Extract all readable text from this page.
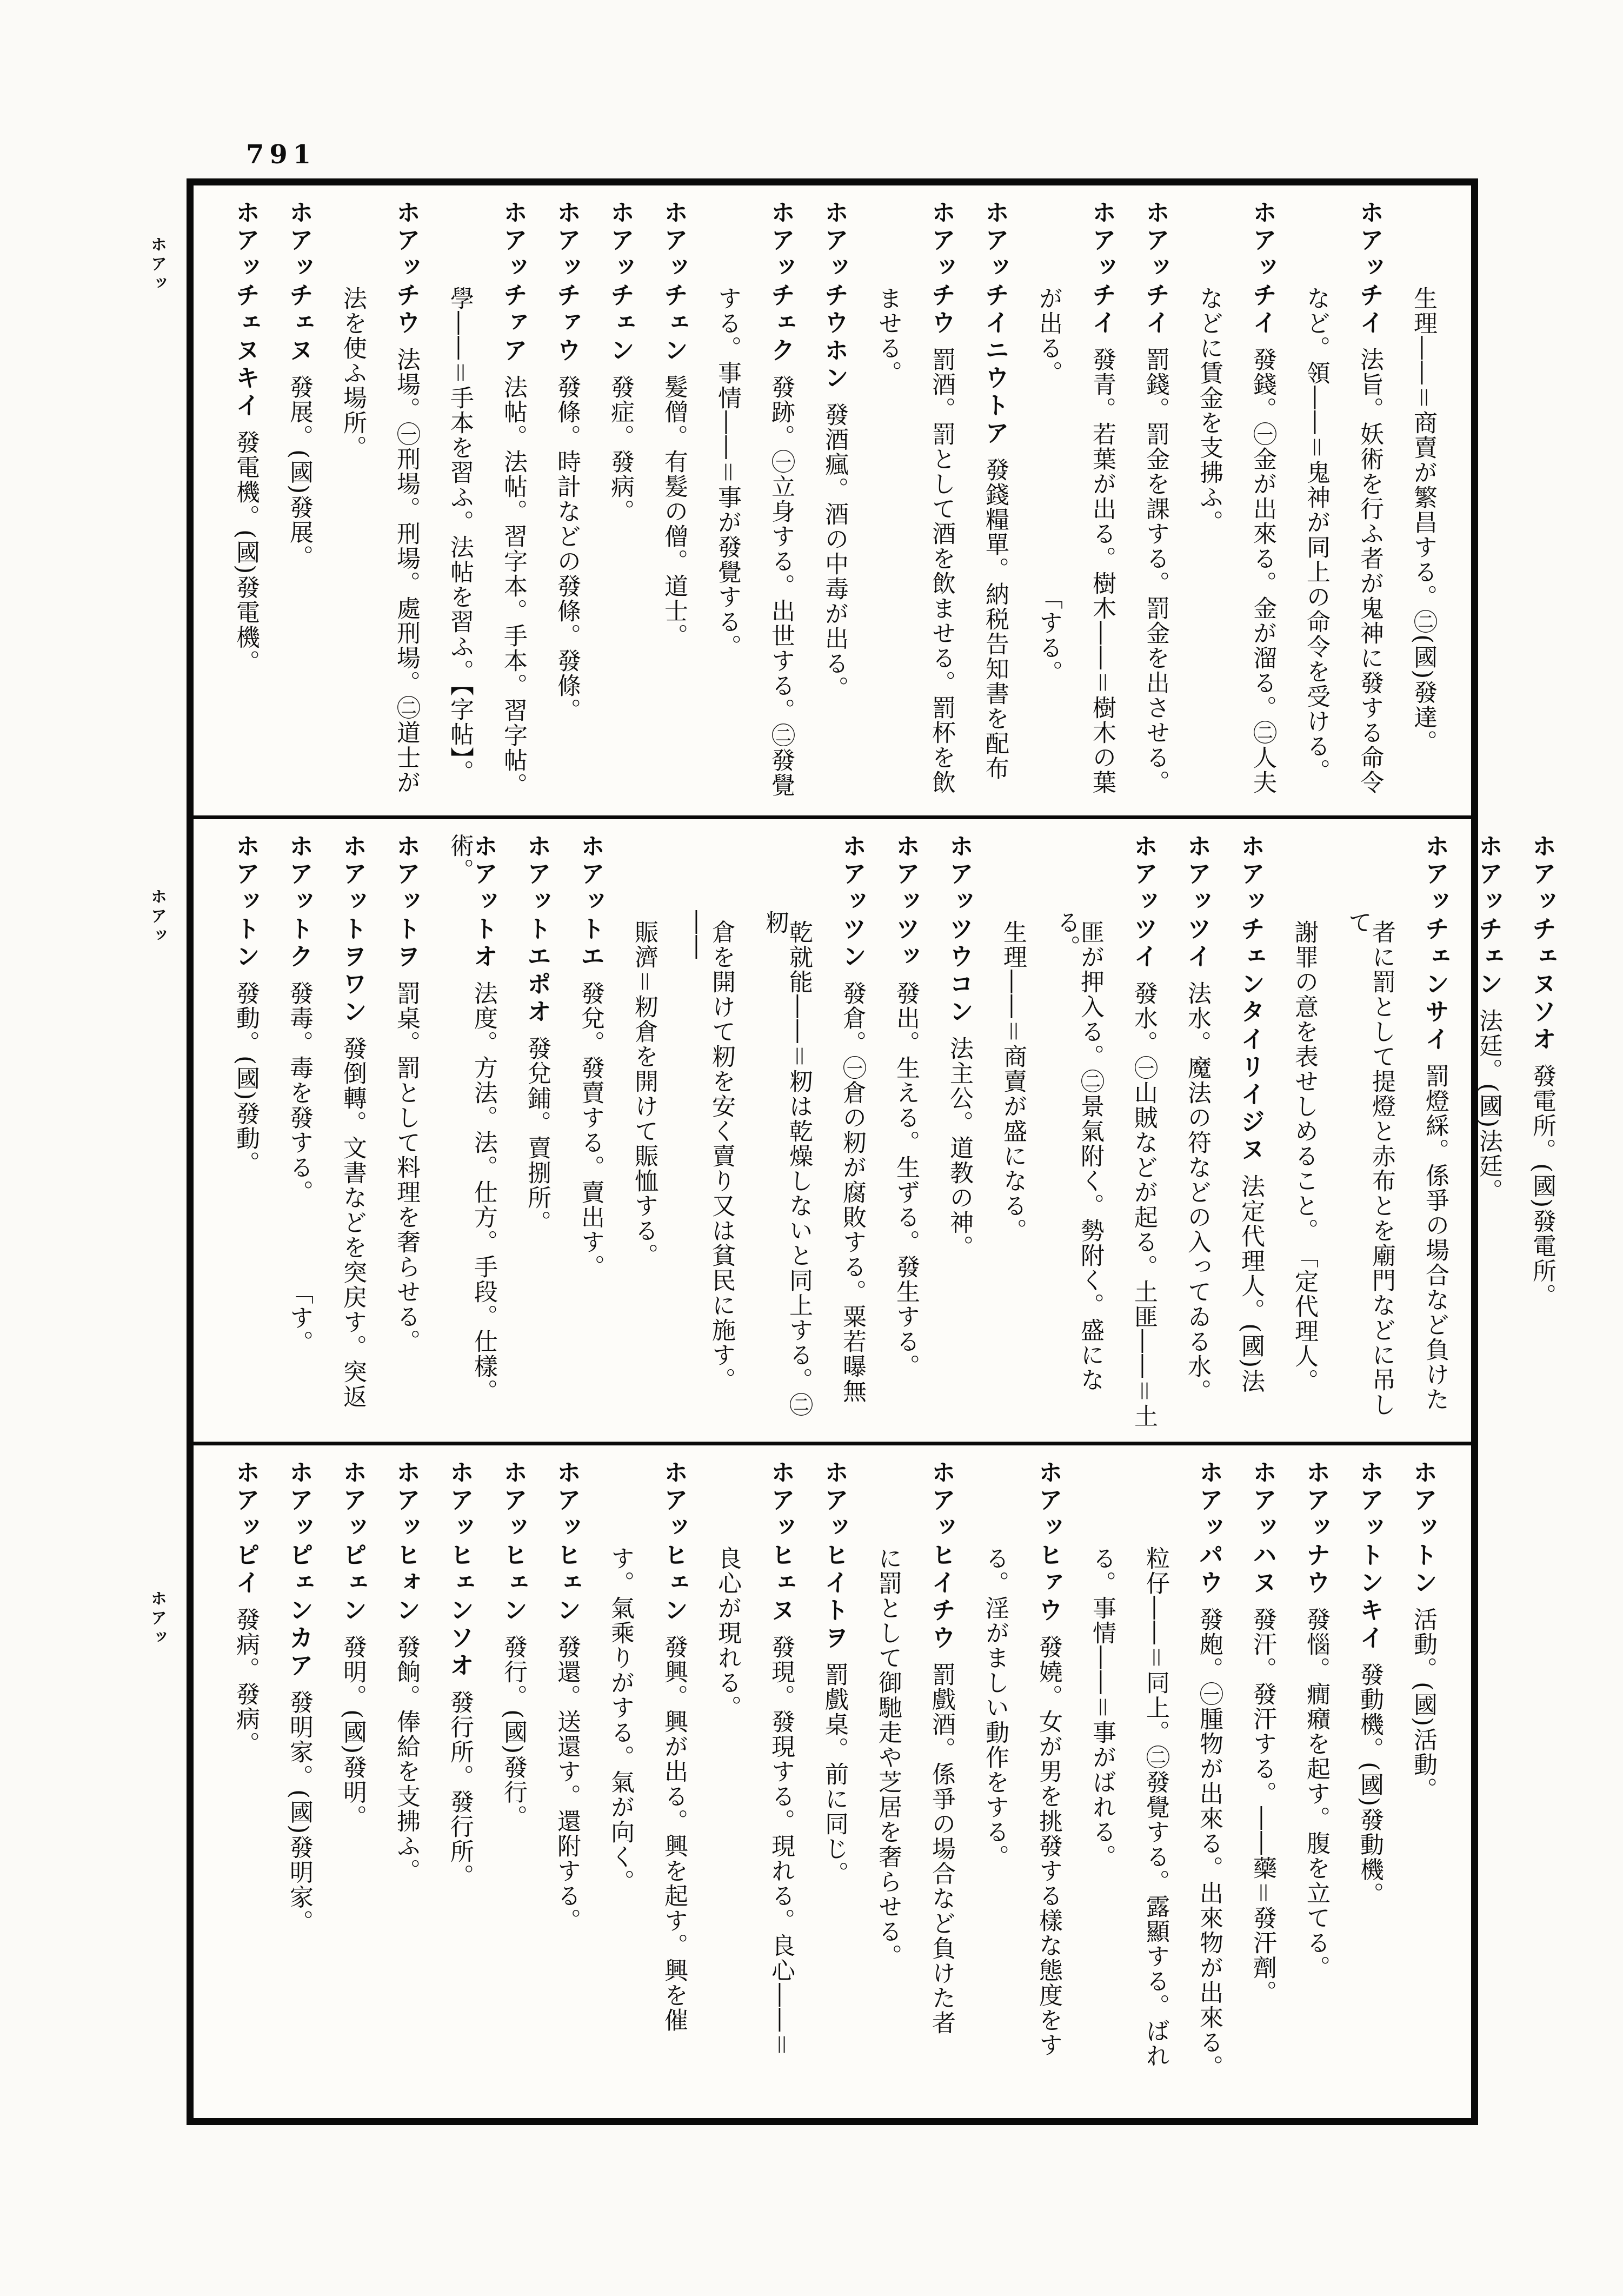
791
ホアッ
ホアッ
ホアッ
生理――＝商賣が繁昌する。㊁(國)發達。
ホアッチイ法旨。妖術を行ふ者が鬼神に發する命令
など。領――＝鬼神が同上の命令を受ける。
ホアッチイ發錢。㊀金が出來る。金が溜る。㊁人夫
などに賃金を支拂ふ。
ホアッチイ罰錢。罰金を課する。罰金を出させる。
ホアッチイ發青。若葉が出る。樹木――＝樹木の葉
が出る。　　　　　　　　　「する。
ホアッチイニウトア發錢糧單。納税告知書を配布
ホアッチウ罰酒。罰として酒を飲ませる。罰杯を飲
ませる。
ホアッチウホン發酒瘋。酒の中毒が出る。
ホアッチェク發跡。㊀立身する。出世する。㊁發覺
する。事情――＝事が發覺する。
ホアッチェン髮僧。有髮の僧。道士。
ホアッチェン發症。發病。
ホアッチァウ發條。時計などの發條。發條。
ホアッチァア法帖。法帖。習字本。手本。習字帖。
學――＝手本を習ふ。法帖を習ふ。【字帖】。
ホアッチウ法場。㊀刑場。刑場。處刑場。㊁道士が
法を使ふ場所。
ホアッチェヌ發展。(國)發展。
ホアッチェヌキイ發電機。(國)發電機。
ホアッチェヌソオ發電所。(國)發電所。
ホアッチェン法廷。(國)法廷。
ホアッチェンサイ罰燈綵。係爭の場合など負けた
者に罰として提燈と赤布とを廟門などに吊して
謝罪の意を表せしめること。　「定代理人。
ホアッチェンタイリイジヌ法定代理人。(國)法
ホアッツイ法水。魔法の符などの入ってゐる水。
ホアッツイ發水。㊀山賊などが起る。土匪――＝土
匪が押入る。㊁景氣附く。勢附く。盛になる。
生理――＝商賣が盛になる。
ホアッツウコン法主公。道教の神。
ホアッツッ發出。生える。生ずる。發生する。
ホアッツン發倉。㊀倉の籾が腐敗する。粟若曝無
乾就能――＝籾は乾燥しないと同上する。㊁籾
倉を開けて籾を安く賣り又は貧民に施す。――
賑濟＝籾倉を開けて賑恤する。
ホアットエ發兌。發賣する。賣出す。
ホアットエポオ發兌鋪。賣捌所。
ホアットオ法度。方法。法。仕方。手段。仕樣。術。
ホアットヲ罰桌。罰として料理を奢らせる。
ホアットヲワン發倒轉。文書などを突戻す。突返
ホアットク發毒。毒を發する。　　　　「す。
ホアットン發動。(國)發動。
ホアットン活動。(國)活動。
ホアットンキイ發動機。(國)發動機。
ホアッナウ發惱。癇癪を起す。腹を立てる。
ホアッハヌ發汗。發汗する。――藥＝發汗劑。
ホアッパウ發皰。㊀腫物が出來る。出來物が出來る。
粒仔――＝同上。㊁發覺する。露顯する。ばれ
る。事情――＝事がばれる。
ホアッヒァウ發嬈。女が男を挑發する樣な態度をす
る。淫がましい動作をする。
ホアッヒイチウ罰戲酒。係爭の場合など負けた者
に罰として御馳走や芝居を奢らせる。
ホアッヒイトヲ罰戲桌。前に同じ。
ホアッヒェヌ發現。發現する。現れる。良心――＝
良心が現れる。
ホアッヒェン發興。興が出る。興を起す。興を催
す。氣乘りがする。氣が向く。
ホアッヒェン發還。送還す。還附する。
ホアッヒェン發行。(國)發行。
ホアッヒェンソオ發行所。發行所。
ホアッヒォン發餉。俸給を支拂ふ。
ホアッピェン發明。(國)發明。
ホアッピェンカア發明家。(國)發明家。
ホアッピイ發病。發病。
